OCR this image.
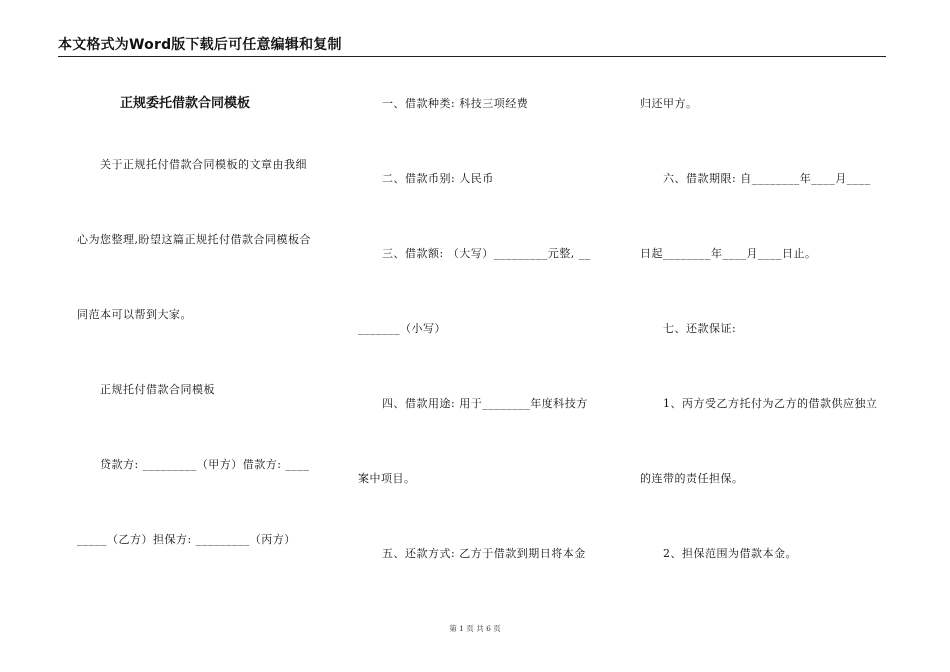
本文格式为Word版下载后可任意编辑和复制
正规委托借款合同模板
关于正规托付借款合同模板的文章由我细
心为您整理,盼望这篇正规托付借款合同模板合
同范本可以帮到大家。
正规托付借款合同模板
贷款方: _________（甲方）借款方: ____
_____（乙方）担保方: _________（丙方）
一、借款种类: 科技三项经费
二、借款币别: 人民币
三、借款额: （大写）_________元整, __
_______（小写）
四、借款用途: 用于________年度科技方
案中项目。
五、还款方式: 乙方于借款到期日将本金
归还甲方。
六、借款期限: 自________年____月____
日起________年____月____日止。
七、还款保证:
1、丙方受乙方托付为乙方的借款供应独立
的连带的责任担保。
2、担保范围为借款本金。
第 1 页 共 6 页
